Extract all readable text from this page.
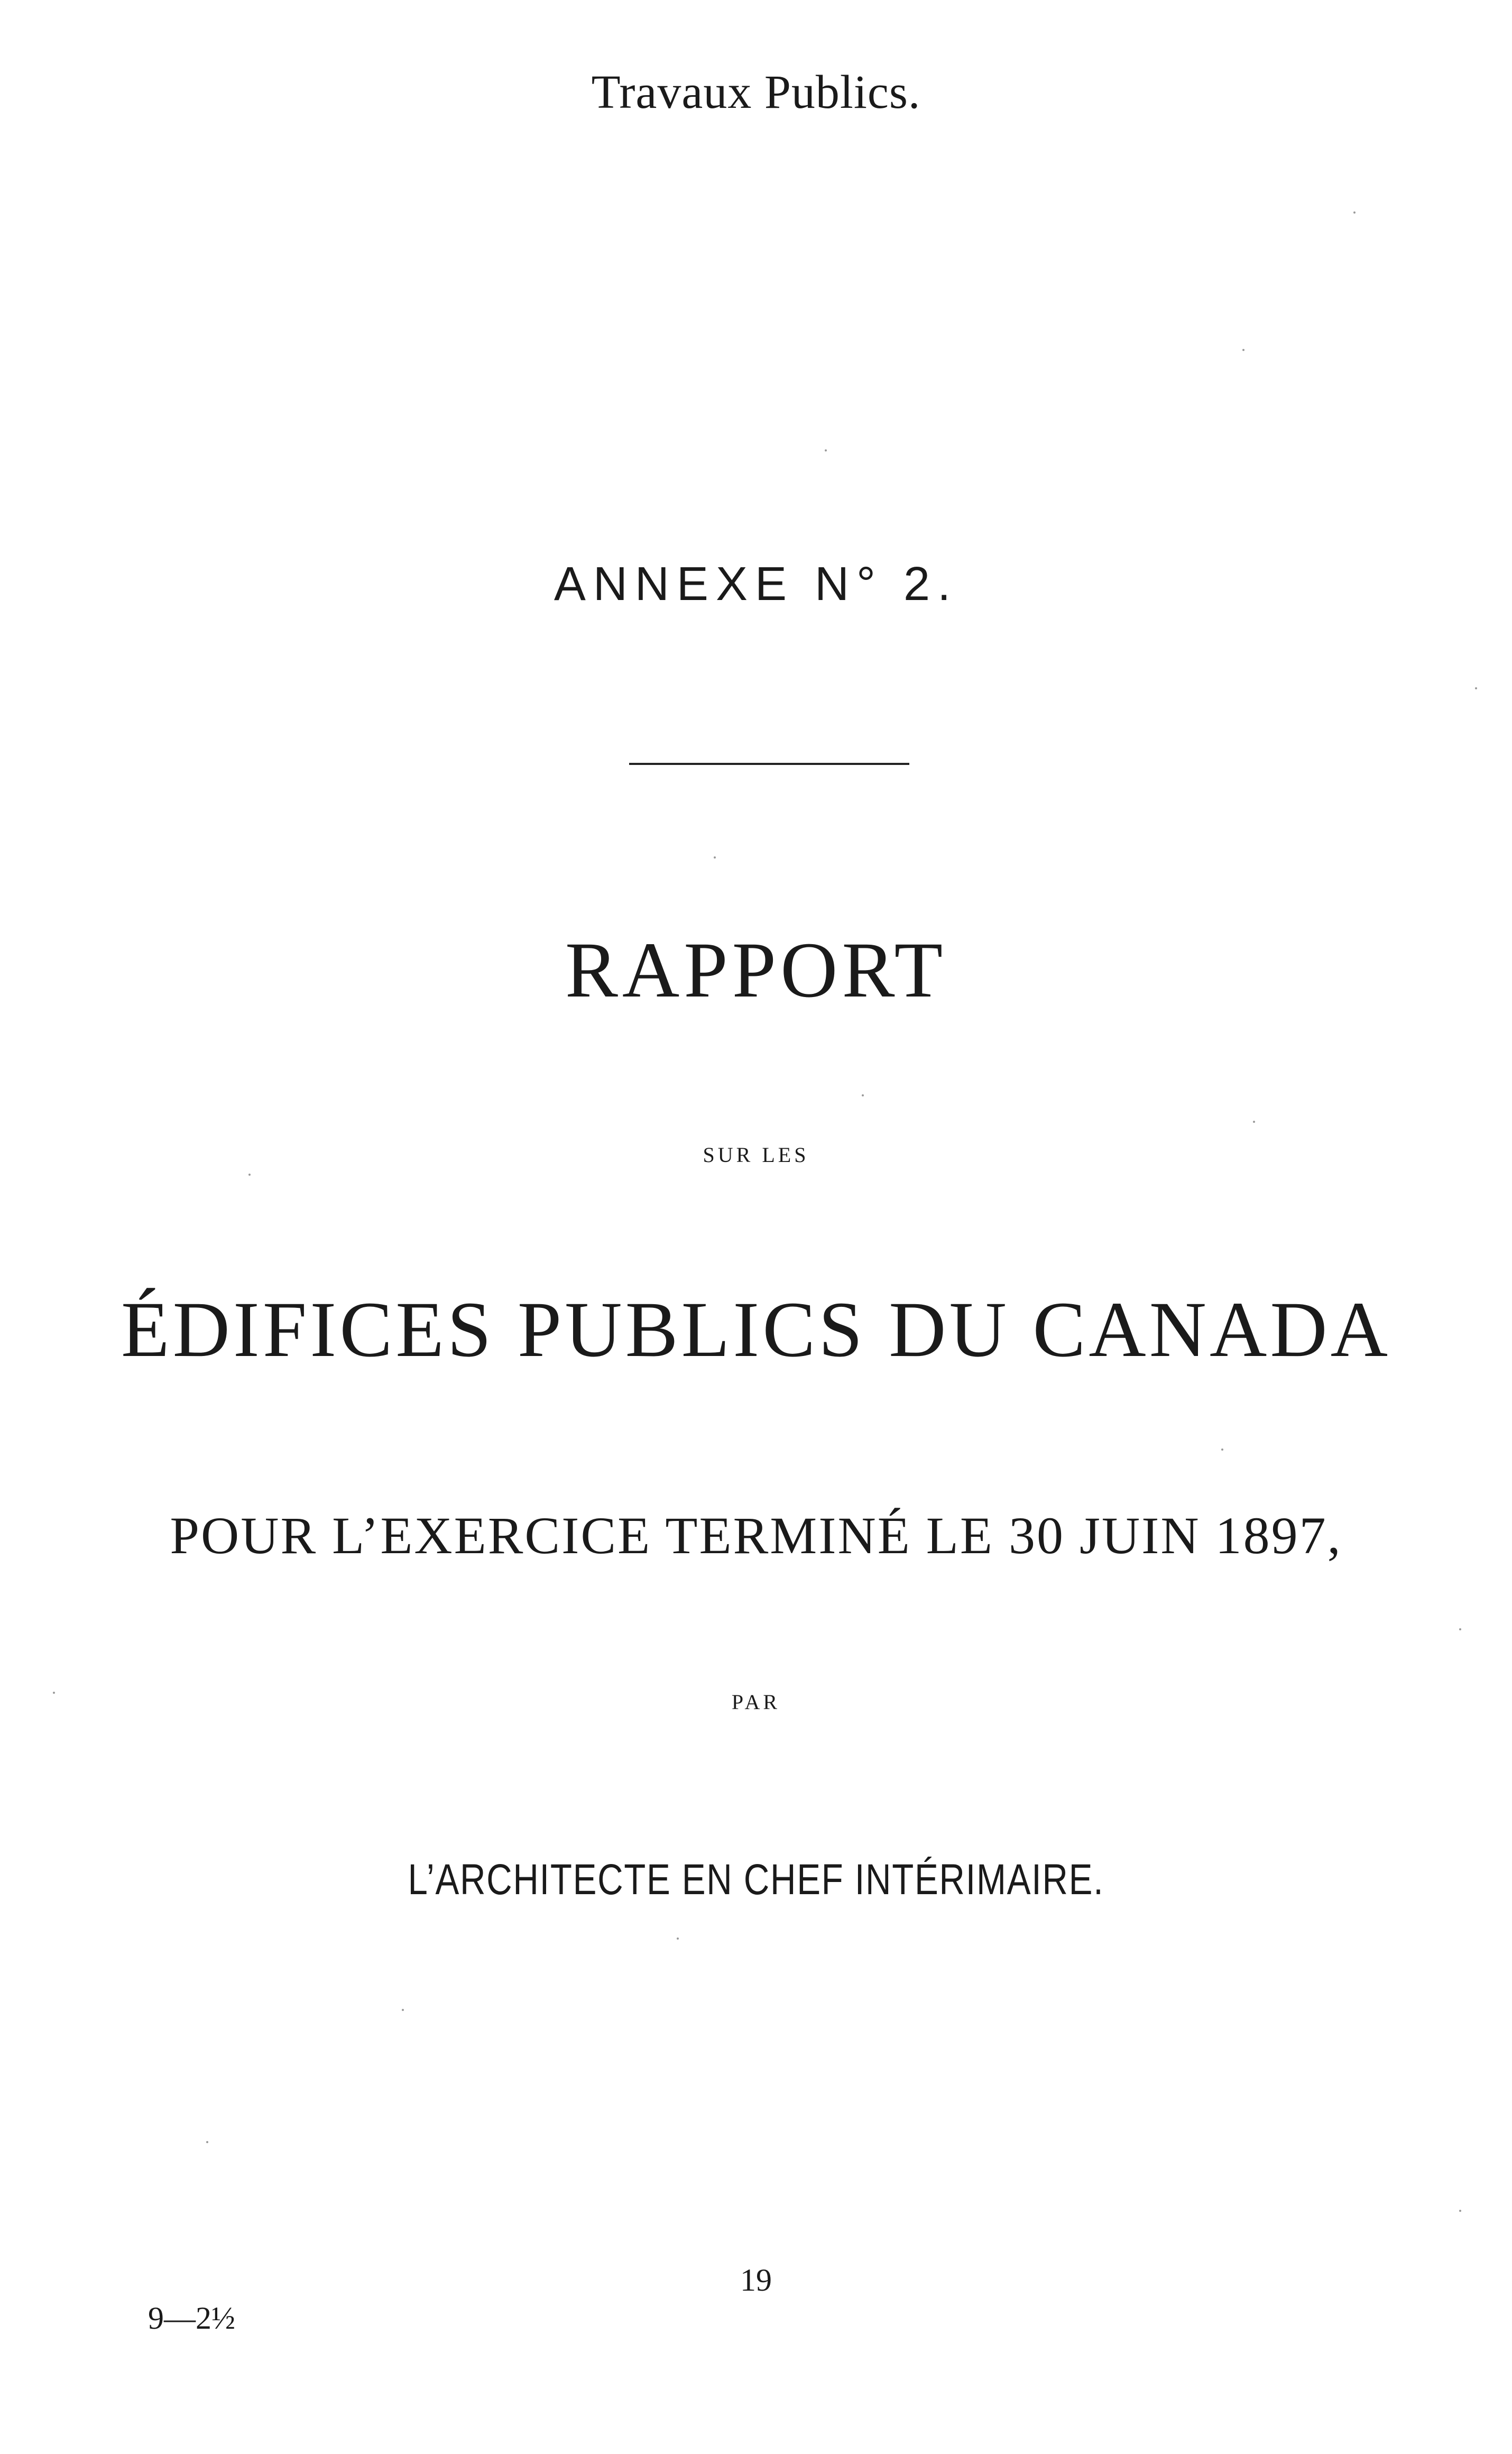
Travaux Publics.
ANNEXE N° 2.
RAPPORT
SUR LES
ÉDIFICES PUBLICS DU CANADA
POUR L’EXERCICE TERMINÉ LE 30 JUIN 1897,
PAR
L’ARCHITECTE EN CHEF INTÉRIMAIRE.
19
9—2½
